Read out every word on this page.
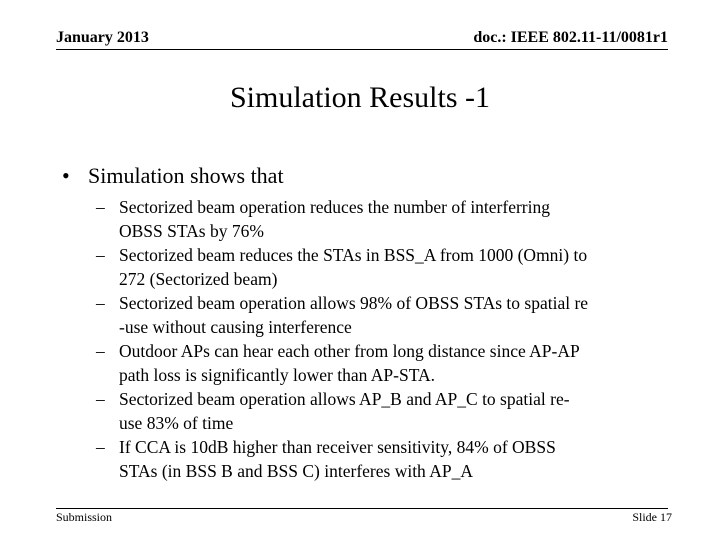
January 2013	doc.: IEEE 802.11-11/0081r1
Simulation Results -1
• Simulation shows that
– Sectorized beam operation reduces the number of interferring
OBSS STAs by 76%
– Sectorized beam reduces the STAs in BSS_A from 1000 (Omni) to
272 (Sectorized beam)
– Sectorized beam operation allows 98% of OBSS STAs to spatial re
-use without causing interference
– Outdoor APs can hear each other from long distance since AP-AP
path loss is significantly lower than AP-STA.
– Sectorized beam operation allows AP_B and AP_C to spatial re-
use 83% of time
– If CCA is 10dB higher than receiver sensitivity, 84% of OBSS
STAs (in BSS B and BSS C) interferes with AP_A
Submission	Slide 17
